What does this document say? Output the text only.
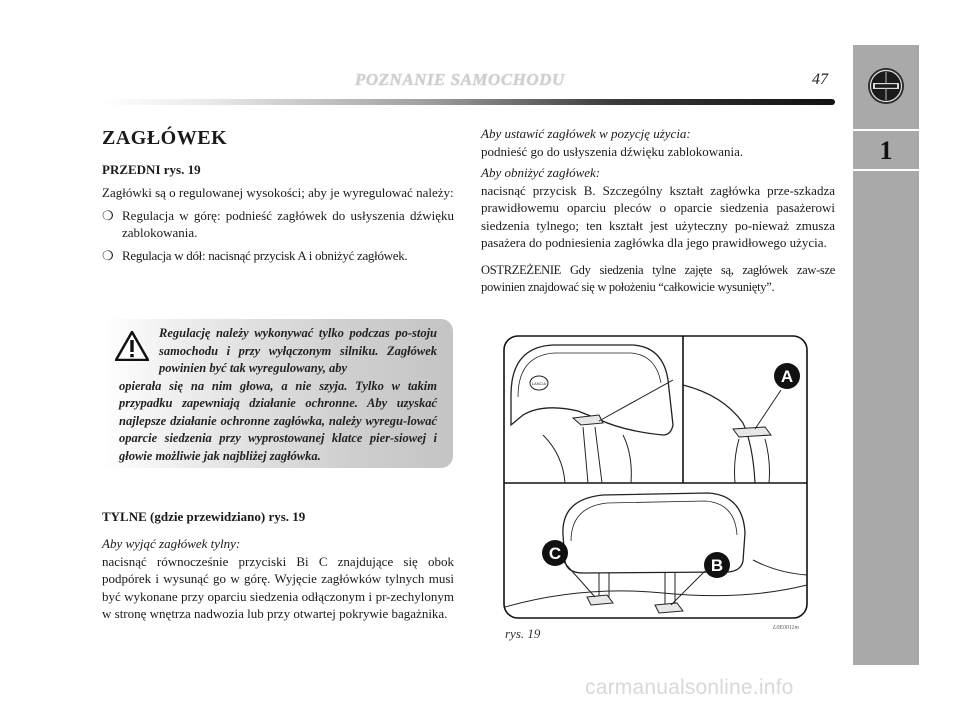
POZNANIE SAMOCHODU	47
1
ZAGŁÓWEK
PRZEDNI rys. 19

Zagłówki są o regulowanej wysokości; aby je wyregulować należy:

❍ Regulacja w górę: podnieść zagłówek do usłyszenia dźwięku zablokowania.
❍ Regulacja w dół: nacisnąć przycisk A i obniżyć zagłówek.
Regulację należy wykonywać tylko podczas po-stoju samochodu i przy wyłączonym silniku. Zagłówek powinien być tak wyregulowany, aby
opierała się na nim głowa, a nie szyja. Tylko w takim przypadku zapewniają działanie ochronne. Aby uzyskać najlepsze działanie ochronne zagłówka, należy wyregu-lować oparcie siedzenia przy wyprostowanej klatce pier-siowej i głowie możliwie jak najbliżej zagłówka.
TYLNE (gdzie przewidziano) rys. 19

Aby wyjąć zagłówek tylny:

nacisnąć równocześnie przyciski Bi C znajdujące się obok podpórek i wysunąć go w górę. Wyjęcie zagłówków tylnych musi być wykonane przy oparciu siedzenia odłączonym i pr-zechylonym w stronę wnętrza nadwozia lub przy otwartej pokrywie bagażnika.

Aby ustawić zagłówek w pozycję użycia:

podnieść go do usłyszenia dźwięku zablokowania.

Aby obniżyć zagłówek:

nacisnąć przycisk B. Szczególny kształt zagłówka prze-szkadza prawidłowemu oparciu pleców o oparcie siedzenia pasażerowi siedzenia tylnego; ten kształt jest użyteczny po-nieważ zmusza pasażera do podniesienia zagłówka dla jego prawidłowego użycia.

OSTRZEŻENIE Gdy siedzenia tylne zajęte są, zagłówek zaw-sze powinien znajdować się w położeniu “całkowicie wysunięty”.

LANCIA	A
C
B
rys. 19	L0E0011m
carmanualsonline.info
